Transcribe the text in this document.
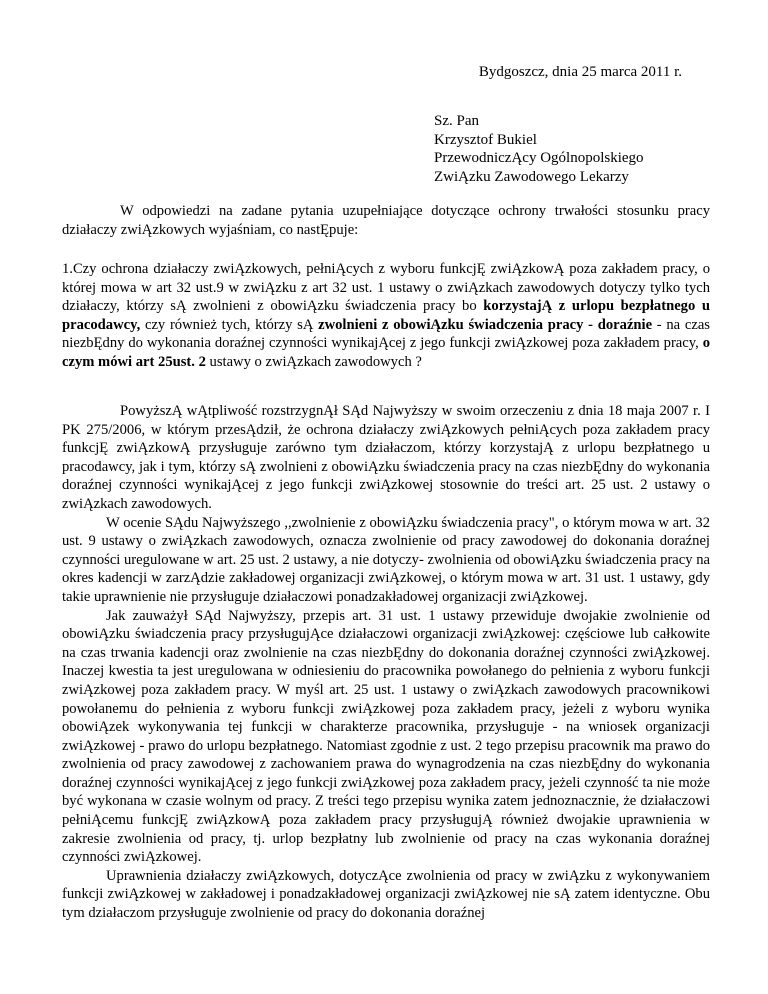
Bydgoszcz, dnia 25 marca 2011 r.
Sz. Pan
Krzysztof Bukiel
PrzewodniczĄcy Ogólnopolskiego
ZwiĄzku Zawodowego Lekarzy

W odpowiedzi na zadane pytania uzupełniające dotyczące ochrony trwałości stosunku pracy działaczy zwiĄzkowych wyjaśniam, co nastĘpuje:

1.Czy ochrona działaczy zwiĄzkowych, pełniĄcych z wyboru funkcjĘ zwiĄzkowĄ poza zakładem pracy, o której mowa w art 32 ust.9 w zwiĄzku z art 32 ust. 1 ustawy o zwiĄzkach zawodowych dotyczy tylko tych działaczy, którzy sĄ zwolnieni z obowiĄzku świadczenia pracy bo korzystajĄ z urlopu bezpłatnego u pracodawcy, czy również tych, którzy sĄ zwolnieni z obowiĄzku świadczenia pracy - doraźnie - na czas niezbĘdny do wykonania doraźnej czynności wynikajĄcej z jego funkcji zwiĄzkowej poza zakładem pracy, o czym mówi art 25ust. 2 ustawy o zwiĄzkach zawodowych ?

PowyższĄ wĄtpliwość rozstrzygnĄł SĄd Najwyższy w swoim orzeczeniu z dnia 18 maja 2007 r. I PK 275/2006, w którym przesĄdził, że ochrona działaczy zwiĄzkowych pełniĄcych poza zakładem pracy funkcjĘ zwiĄzkowĄ przysługuje zarówno tym działaczom, którzy korzystajĄ z urlopu bezpłatnego u pracodawcy, jak i tym, którzy sĄ zwolnieni z obowiĄzku świadczenia pracy na czas niezbĘdny do wykonania doraźnej czynności wynikajĄcej z jego funkcji zwiĄzkowej stosownie do treści art. 25 ust. 2 ustawy o zwiĄzkach zawodowych.

W ocenie SĄdu Najwyższego ,,zwolnienie z obowiĄzku świadczenia pracy", o którym mowa w art. 32 ust. 9 ustawy o zwiĄzkach zawodowych, oznacza zwolnienie od pracy zawodowej do dokonania doraźnej czynności uregulowane w art. 25 ust. 2 ustawy, a nie dotyczy- zwolnienia od obowiĄzku świadczenia pracy na okres kadencji w zarzĄdzie zakładowej organizacji zwiĄzkowej, o którym mowa w art. 31 ust. 1 ustawy, gdy takie uprawnienie nie przysługuje działaczowi ponadzakładowej organizacji zwiĄzkowej.

Jak zauważył SĄd Najwyższy, przepis art. 31 ust. 1 ustawy przewiduje dwojakie zwolnienie od obowiĄzku świadczenia pracy przysługujĄce działaczowi organizacji zwiĄzkowej: częściowe lub całkowite na czas trwania kadencji oraz zwolnienie na czas niezbĘdny do dokonania doraźnej czynności zwiĄzkowej. Inaczej kwestia ta jest uregulowana w odniesieniu do pracownika powołanego do pełnienia z wyboru funkcji zwiĄzkowej poza zakładem pracy. W myśl art. 25 ust. 1 ustawy o zwiĄzkach zawodowych pracownikowi powołanemu do pełnienia z wyboru funkcji zwiĄzkowej poza zakładem pracy, jeżeli z wyboru wynika obowiĄzek wykonywania tej funkcji w charakterze pracownika, przysługuje - na wniosek organizacji zwiĄzkowej - prawo do urlopu bezpłatnego. Natomiast zgodnie z ust. 2 tego przepisu pracownik ma prawo do zwolnienia od pracy zawodowej z zachowaniem prawa do wynagrodzenia na czas niezbĘdny do wykonania doraźnej czynności wynikajĄcej z jego funkcji zwiĄzkowej poza zakładem pracy, jeżeli czynność ta nie może być wykonana w czasie wolnym od pracy. Z treści tego przepisu wynika zatem jednoznacznie, że działaczowi pełniĄcemu funkcjĘ zwiĄzkowĄ poza zakładem pracy przysługujĄ również dwojakie uprawnienia w zakresie zwolnienia od pracy, tj. urlop bezpłatny lub zwolnienie od pracy na czas wykonania doraźnej czynności zwiĄzkowej.

Uprawnienia działaczy zwiĄzkowych, dotyczĄce zwolnienia od pracy w zwiĄzku z wykonywaniem funkcji zwiĄzkowej w zakładowej i ponadzakładowej organizacji zwiĄzkowej nie sĄ zatem identyczne. Obu tym działaczom przysługuje zwolnienie od pracy do dokonania doraźnej
